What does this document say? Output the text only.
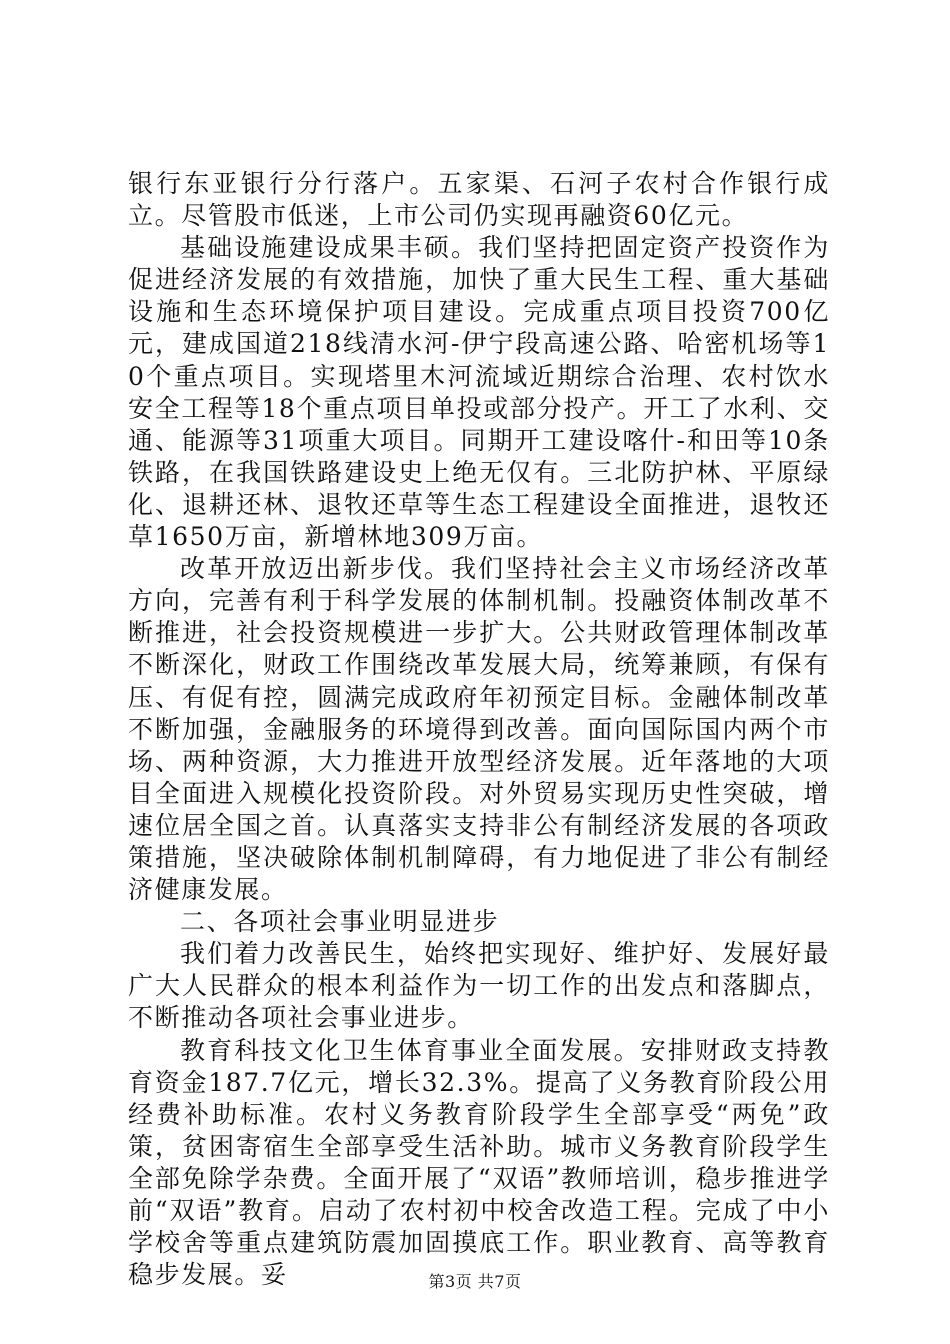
银行东亚银行分行落户。五家渠、石河子农村合作银行成立。尽管股市低迷，上市公司仍实现再融资60亿元。

基础设施建设成果丰硕。我们坚持把固定资产投资作为促进经济发展的有效措施，加快了重大民生工程、重大基础设施和生态环境保护项目建设。完成重点项目投资700亿元，建成国道218线清水河-伊宁段高速公路、哈密机场等10个重点项目。实现塔里木河流域近期综合治理、农村饮水安全工程等18个重点项目单投或部分投产。开工了水利、交通、能源等31项重大项目。同期开工建设喀什-和田等10条铁路，在我国铁路建设史上绝无仅有。三北防护林、平原绿化、退耕还林、退牧还草等生态工程建设全面推进，退牧还草1650万亩，新增林地309万亩。

改革开放迈出新步伐。我们坚持社会主义市场经济改革方向，完善有利于科学发展的体制机制。投融资体制改革不断推进，社会投资规模进一步扩大。公共财政管理体制改革不断深化，财政工作围绕改革发展大局，统筹兼顾，有保有压、有促有控，圆满完成政府年初预定目标。金融体制改革不断加强，金融服务的环境得到改善。面向国际国内两个市场、两种资源，大力推进开放型经济发展。近年落地的大项目全面进入规模化投资阶段。对外贸易实现历史性突破，增速位居全国之首。认真落实支持非公有制经济发展的各项政策措施，坚决破除体制机制障碍，有力地促进了非公有制经济健康发展。

二、各项社会事业明显进步

我们着力改善民生，始终把实现好、维护好、发展好最广大人民群众的根本利益作为一切工作的出发点和落脚点，不断推动各项社会事业进步。

教育科技文化卫生体育事业全面发展。安排财政支持教育资金187.7亿元，增长32.3%。提高了义务教育阶段公用经费补助标准。农村义务教育阶段学生全部享受“两免”政策，贫困寄宿生全部享受生活补助。城市义务教育阶段学生全部免除学杂费。全面开展了“双语”教师培训，稳步推进学前“双语”教育。启动了农村初中校舍改造工程。完成了中小学校舍等重点建筑防震加固摸底工作。职业教育、高等教育稳步发展。妥	第3页 共7页
